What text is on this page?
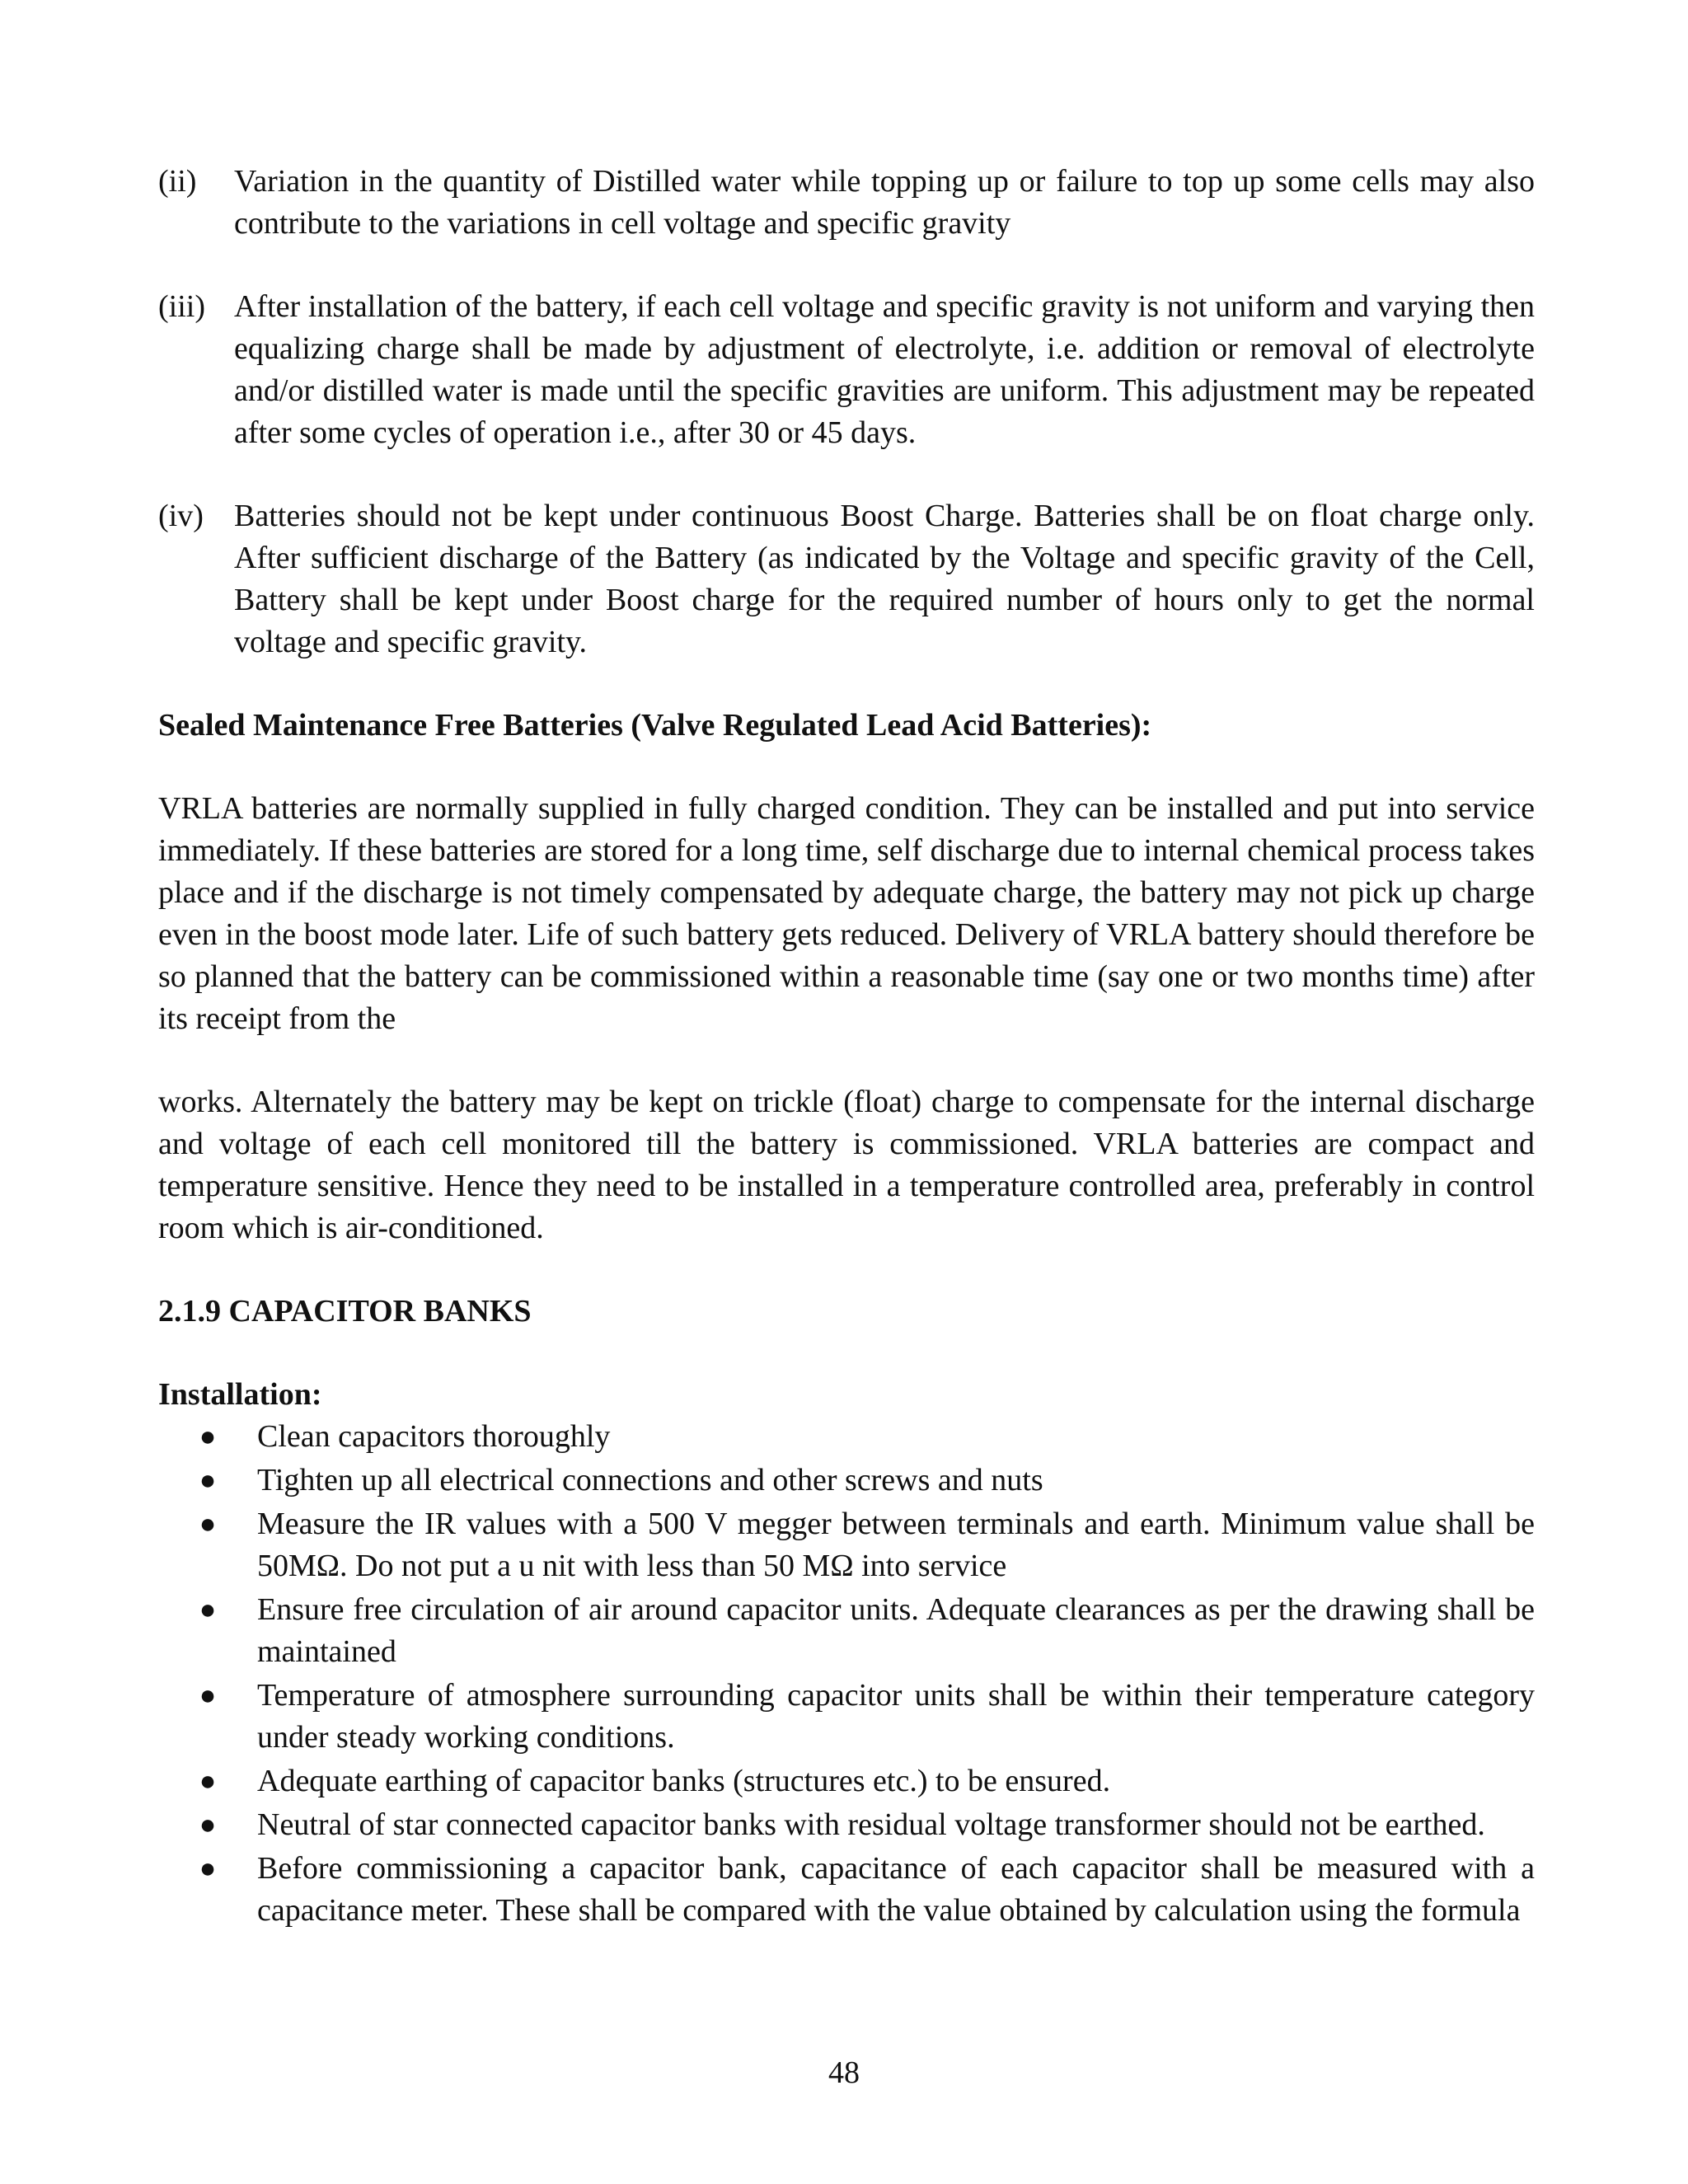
(ii)	Variation in the quantity of Distilled water while topping up or failure to top up some cells may also contribute to the variations in cell voltage and specific gravity
(iii) After installation of the battery, if each cell voltage and specific gravity is not uniform and varying then equalizing charge shall be made by adjustment of electrolyte, i.e. addition or removal of electrolyte and/or distilled water is made until the specific gravities are uniform. This adjustment may be repeated after some cycles of operation i.e., after 30 or 45 days.
(iv) Batteries should not be kept under continuous Boost Charge. Batteries shall be on float charge only. After sufficient discharge of the Battery (as indicated by the Voltage and specific gravity of the Cell, Battery shall be kept under Boost charge for the required number of hours only to get the normal voltage and specific gravity.
Sealed Maintenance Free Batteries (Valve Regulated Lead Acid Batteries):
VRLA batteries are normally supplied in fully charged condition. They can be installed and put into service immediately. If these batteries are stored for a long time, self discharge due to internal chemical process takes place and if the discharge is not timely compensated by adequate charge, the battery may not pick up charge even in the boost mode later. Life of such battery gets reduced. Delivery of VRLA battery should therefore be so planned that the battery can be commissioned within a reasonable time (say one or two months time) after its receipt from the
works. Alternately the battery may be kept on trickle (float) charge to compensate for the internal discharge and voltage of each cell monitored till the battery is commissioned. VRLA batteries are compact and temperature sensitive. Hence they need to be installed in a temperature controlled area, preferably in control room which is air-conditioned.
2.1.9 CAPACITOR BANKS
Installation:
●	Clean capacitors thoroughly
●	Tighten up all electrical connections and other screws and nuts
●	Measure the IR values with a 500 V megger between terminals and earth. Minimum value shall be 50MΩ. Do not put a u nit with less than 50 MΩ into service
●	Ensure free circulation of air around capacitor units. Adequate clearances as per the drawing shall be maintained
●	Temperature of atmosphere surrounding capacitor units shall be within their temperature category under steady working conditions.
●	Adequate earthing of capacitor banks (structures etc.) to be ensured.
●	Neutral of star connected capacitor banks with residual voltage transformer should not be earthed.
●	Before commissioning a capacitor bank, capacitance of each capacitor shall be measured with a capacitance meter. These shall be compared with the value obtained by calculation using the formula
48
